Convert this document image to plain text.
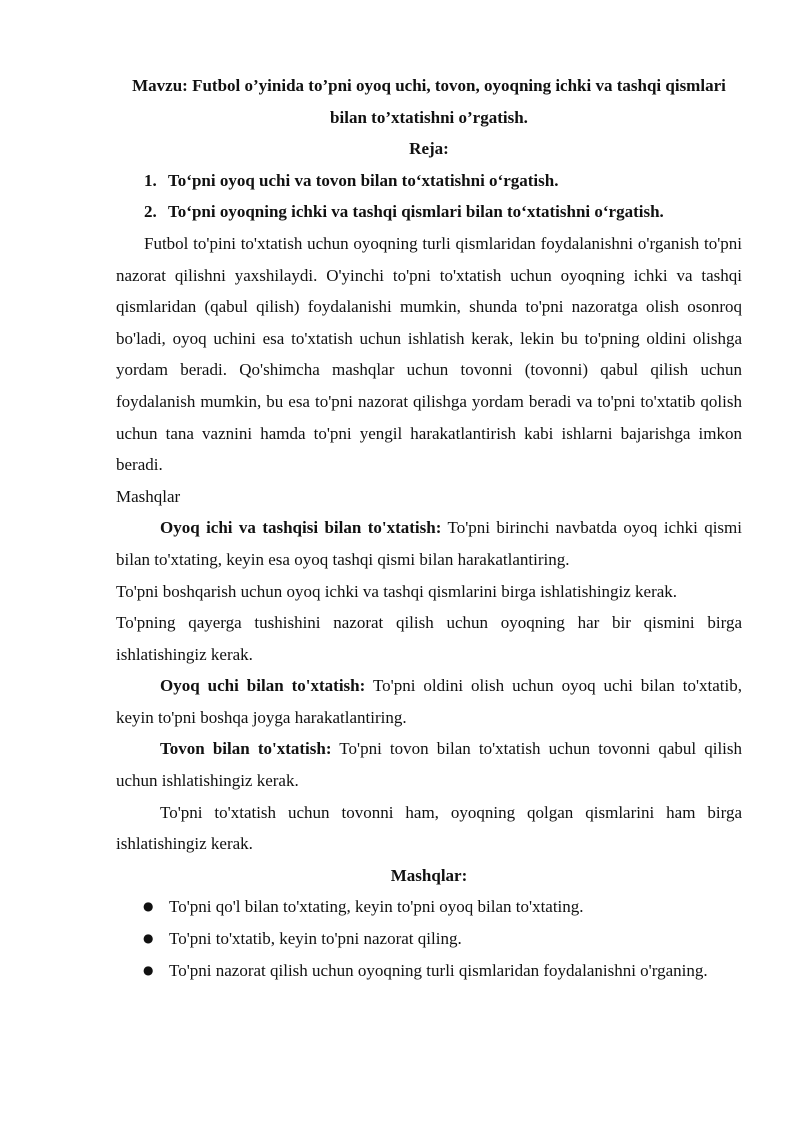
Mavzu: Futbol o’yinida to’pni oyoq uchi, tovon, oyoqning ichki va tashqi qismlari bilan to’xtatishni o’rgatish.

Reja:

1. To‘pni oyoq uchi va tovon bilan to‘xtatishni o‘rgatish.
2. To‘pni oyoqning ichki va tashqi qismlari bilan to‘xtatishni o‘rgatish.

Futbol to'pini to'xtatish uchun oyoqning turli qismlaridan foydalanishni o'rganish to'pni nazorat qilishni yaxshilaydi. O'yinchi to'pni to'xtatish uchun oyoqning ichki va tashqi qismlaridan (qabul qilish) foydalanishi mumkin, shunda to'pni nazoratga olish osonroq bo'ladi, oyoq uchini esa to'xtatish uchun ishlatish kerak, lekin bu to'pning oldini olishga yordam beradi. Qo'shimcha mashqlar uchun tovonni (tovonni) qabul qilish uchun foydalanish mumkin, bu esa to'pni nazorat qilishga yordam beradi va to'pni to'xtatib qolish uchun tana vaznini hamda to'pni yengil harakatlantirish kabi ishlarni bajarishga imkon beradi.

Mashqlar

Oyoq ichi va tashqisi bilan to'xtatish: To'pni birinchi navbatda oyoq ichki qismi bilan to'xtating, keyin esa oyoq tashqi qismi bilan harakatlantiring.

To'pni boshqarish uchun oyoq ichki va tashqi qismlarini birga ishlatishingiz kerak.

To'pning qayerga tushishini nazorat qilish uchun oyoqning har bir qismini birga ishlatishingiz kerak.

Oyoq uchi bilan to'xtatish: To'pni oldini olish uchun oyoq uchi bilan to'xtatib, keyin to'pni boshqa joyga harakatlantiring.

Tovon bilan to'xtatish: To'pni tovon bilan to'xtatish uchun tovonni qabul qilish uchun ishlatishingiz kerak.

To'pni to'xtatish uchun tovonni ham, oyoqning qolgan qismlarini ham birga ishlatishingiz kerak.

Mashqlar:

● To'pni qo'l bilan to'xtating, keyin to'pni oyoq bilan to'xtating.
● To'pni to'xtatib, keyin to'pni nazorat qiling.
● To'pni nazorat qilish uchun oyoqning turli qismlaridan foydalanishni o'rganing.
